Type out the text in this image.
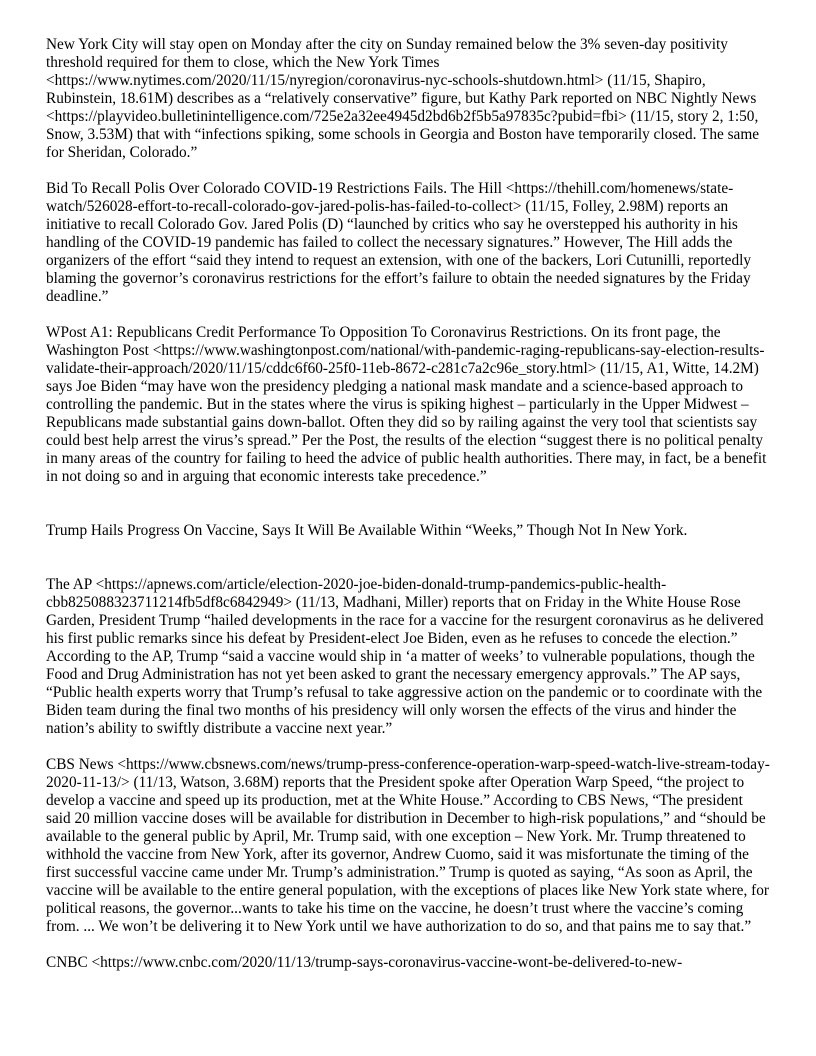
New York City will stay open on Monday after the city on Sunday remained below the 3% seven-day positivity threshold required for them to close, which the New York Times <https://www.nytimes.com/2020/11/15/nyregion/coronavirus-nyc-schools-shutdown.html> (11/15, Shapiro, Rubinstein, 18.61M) describes as a “relatively conservative” figure, but Kathy Park reported on NBC Nightly News <https://playvideo.bulletinintelligence.com/725e2a32ee4945d2bd6b2f5b5a97835c?pubid=fbi> (11/15, story 2, 1:50, Snow, 3.53M) that with “infections spiking, some schools in Georgia and Boston have temporarily closed. The same for Sheridan, Colorado.”

Bid To Recall Polis Over Colorado COVID-19 Restrictions Fails. The Hill <https://thehill.com/homenews/state-watch/526028-effort-to-recall-colorado-gov-jared-polis-has-failed-to-collect> (11/15, Folley, 2.98M) reports an initiative to recall Colorado Gov. Jared Polis (D) “launched by critics who say he overstepped his authority in his handling of the COVID-19 pandemic has failed to collect the necessary signatures.” However, The Hill adds the organizers of the effort “said they intend to request an extension, with one of the backers, Lori Cutunilli, reportedly blaming the governor’s coronavirus restrictions for the effort’s failure to obtain the needed signatures by the Friday deadline.”

WPost A1: Republicans Credit Performance To Opposition To Coronavirus Restrictions. On its front page, the Washington Post <https://www.washingtonpost.com/national/with-pandemic-raging-republicans-say-election-results-validate-their-approach/2020/11/15/cddc6f60-25f0-11eb-8672-c281c7a2c96e_story.html> (11/15, A1, Witte, 14.2M) says Joe Biden “may have won the presidency pledging a national mask mandate and a science-based approach to controlling the pandemic. But in the states where the virus is spiking highest – particularly in the Upper Midwest – Republicans made substantial gains down-ballot. Often they did so by railing against the very tool that scientists say could best help arrest the virus’s spread.” Per the Post, the results of the election “suggest there is no political penalty in many areas of the country for failing to heed the advice of public health authorities. There may, in fact, be a benefit in not doing so and in arguing that economic interests take precedence.”

Trump Hails Progress On Vaccine, Says It Will Be Available Within “Weeks,” Though Not In New York.

The AP <https://apnews.com/article/election-2020-joe-biden-donald-trump-pandemics-public-health-cbb825088323711214fb5df8c6842949> (11/13, Madhani, Miller) reports that on Friday in the White House Rose Garden, President Trump “hailed developments in the race for a vaccine for the resurgent coronavirus as he delivered his first public remarks since his defeat by President-elect Joe Biden, even as he refuses to concede the election.” According to the AP, Trump “said a vaccine would ship in ‘a matter of weeks’ to vulnerable populations, though the Food and Drug Administration has not yet been asked to grant the necessary emergency approvals.” The AP says, “Public health experts worry that Trump’s refusal to take aggressive action on the pandemic or to coordinate with the Biden team during the final two months of his presidency will only worsen the effects of the virus and hinder the nation’s ability to swiftly distribute a vaccine next year.”

CBS News <https://www.cbsnews.com/news/trump-press-conference-operation-warp-speed-watch-live-stream-today-2020-11-13/> (11/13, Watson, 3.68M) reports that the President spoke after Operation Warp Speed, “the project to develop a vaccine and speed up its production, met at the White House.” According to CBS News, “The president said 20 million vaccine doses will be available for distribution in December to high-risk populations,” and “should be available to the general public by April, Mr. Trump said, with one exception – New York. Mr. Trump threatened to withhold the vaccine from New York, after its governor, Andrew Cuomo, said it was misfortunate the timing of the first successful vaccine came under Mr. Trump’s administration.” Trump is quoted as saying, “As soon as April, the vaccine will be available to the entire general population, with the exceptions of places like New York state where, for political reasons, the governor...wants to take his time on the vaccine, he doesn’t trust where the vaccine’s coming from. ... We won’t be delivering it to New York until we have authorization to do so, and that pains me to say that.”

CNBC <https://www.cnbc.com/2020/11/13/trump-says-coronavirus-vaccine-wont-be-delivered-to-new-
